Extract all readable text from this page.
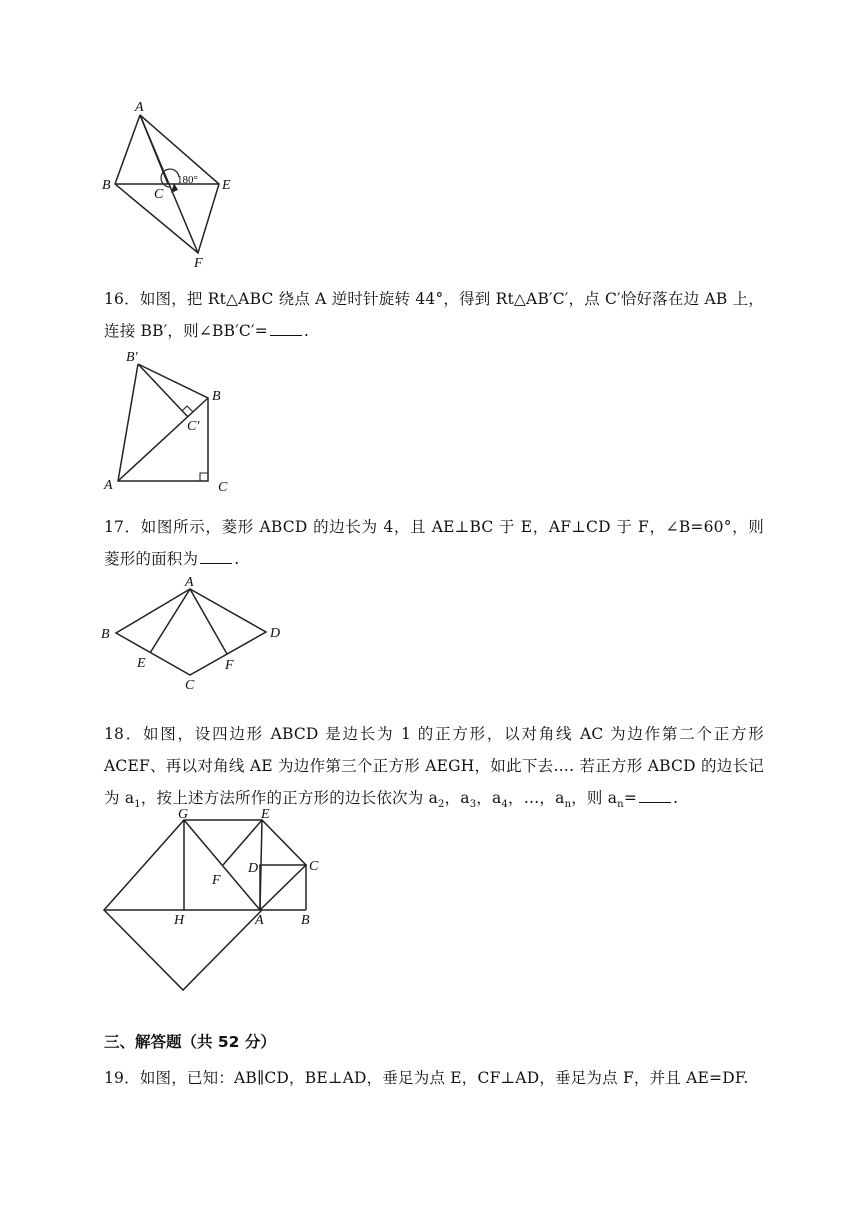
A
B
C
E
F
180°
16．如图，把 Rt△ABC 绕点 A 逆时针旋转 44°，得到 Rt△AB′C′，点 C′恰好落在边 AB 上，连接 BB′，则∠BB′C′= .
B′
B
C′
A	C
17．如图所示，菱形 ABCD 的边长为 4，且 AE⊥BC 于 E，AF⊥CD 于 F，∠B=60°，则菱形的面积为 .
A
B
C
D
E	F
18．如图，设四边形 ABCD 是边长为 1 的正方形，以对角线 AC 为边作第二个正方形 ACEF、再以对角线 AE 为边作第三个正方形 AEGH，如此下去…. 若正方形 ABCD 的边长记为 $a_1$，按上述方法所作的正方形的边长依次为 $a_2$，$a_3$，$a_4$，…，$a_n$，则 $a_n=$ .
G	E
C
D
F
H	A	B
三、解答题（共 52 分）
19．如图，已知：AB∥CD，BE⊥AD，垂足为点 E，CF⊥AD，垂足为点 F，并且 AE=DF.
